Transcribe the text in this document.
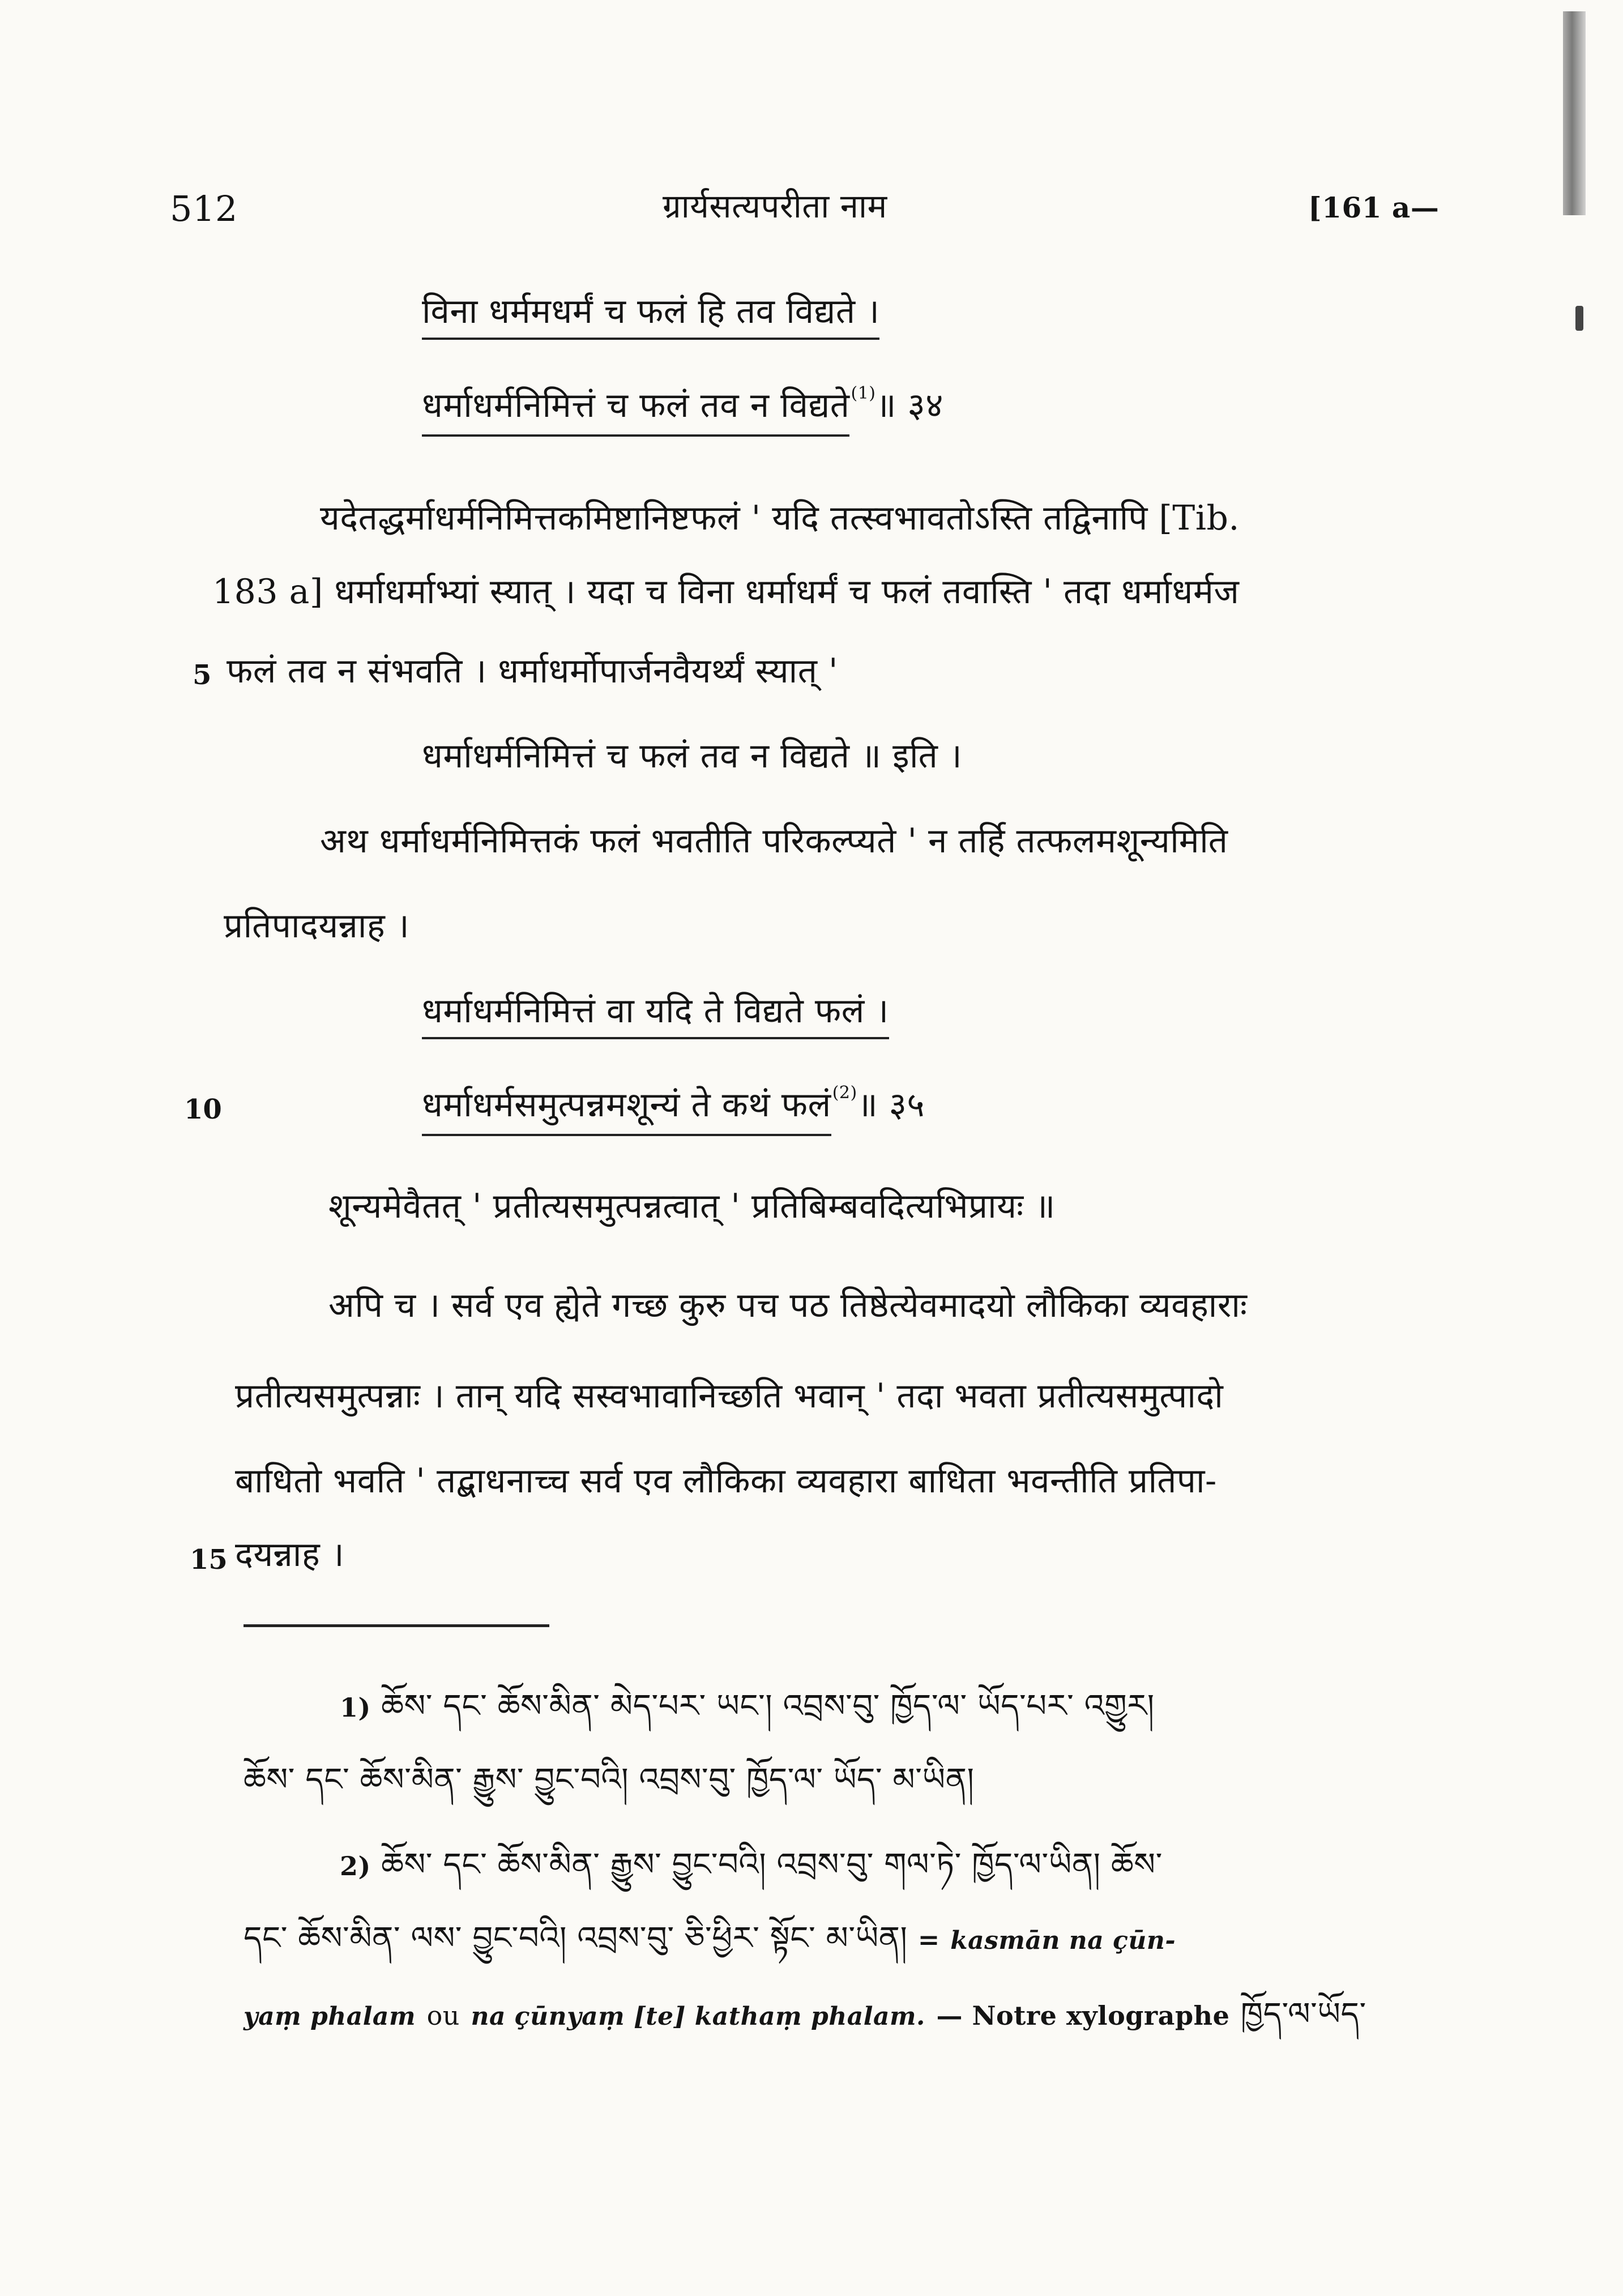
512	ग्रार्यसत्यपरीता नाम	[161 a—
विना धर्ममधर्मं च फलं हि तव विद्यते ।
धर्माधर्मनिमित्तं च फलं तव न विद्यते$^{(1)}$॥ ३४
यदेतद्धर्माधर्मनिमित्तकमिष्टानिष्टफलं ' यदि तत्स्वभावतोऽस्ति तद्विनापि [Tib.
183 a] धर्माधर्माभ्यां स्यात् । यदा च विना धर्माधर्मं च फलं तवास्ति ' तदा धर्माधर्मज
5 फलं तव न संभवति । धर्माधर्मोपार्जनवैयर्थ्यं स्यात् '
धर्माधर्मनिमित्तं च फलं तव न विद्यते ॥ इति ।
अथ धर्माधर्मनिमित्तकं फलं भवतीति परिकल्प्यते ' न तर्हि तत्फलमशून्यमिति
प्रतिपादयन्नाह ।
धर्माधर्मनिमित्तं वा यदि ते विद्यते फलं ।
10	धर्माधर्मसमुत्पन्नमशून्यं ते कथं फलं$^{(2)}$॥ ३५
शून्यमेवैतत् ' प्रतीत्यसमुत्पन्नत्वात् ' प्रतिबिम्बवदित्यभिप्रायः ॥
अपि च । सर्व एव ह्येते गच्छ कुरु पच पठ तिष्ठेत्येवमादयो लौकिका व्यवहाराः
प्रतीत्यसमुत्पन्नाः । तान् यदि सस्वभावानिच्छति भवान् ' तदा भवता प्रतीत्यसमुत्पादो
बाधितो भवति ' तद्बाधनाच्च सर्व एव लौकिका व्यवहारा बाधिता भवन्तीति प्रतिपा-
15 दयन्नाह ।
1) ཆོས་ དང་ ཆོས་མིན་ མེད་པར་ ཡང་། འབྲས་བུ་ ཁྱོད་ལ་ ཡོད་པར་ འགྱུར།
ཆོས་ དང་ ཆོས་མིན་ རྒྱུས་ བྱུང་བའི། འབྲས་བུ་ ཁྱོད་ལ་ ཡོད་ མ་ཡིན།
2) ཆོས་ དང་ ཆོས་མིན་ རྒྱུས་ བྱུང་བའི། འབྲས་བུ་ གལ་ཏེ་ ཁྱོད་ལ་ཡིན། ཆོས་
དང་ ཆོས་མིན་ ལས་ བྱུང་བའི། འབྲས་བུ་ ཅི་ཕྱིར་ སྟོང་ མ་ཡིན། = kasmān na çūn-
yaṃ phalam ou na çūnyaṃ [te] kathaṃ phalam. — Notre xylographe ཁྱོད་ལ་ཡོད་
